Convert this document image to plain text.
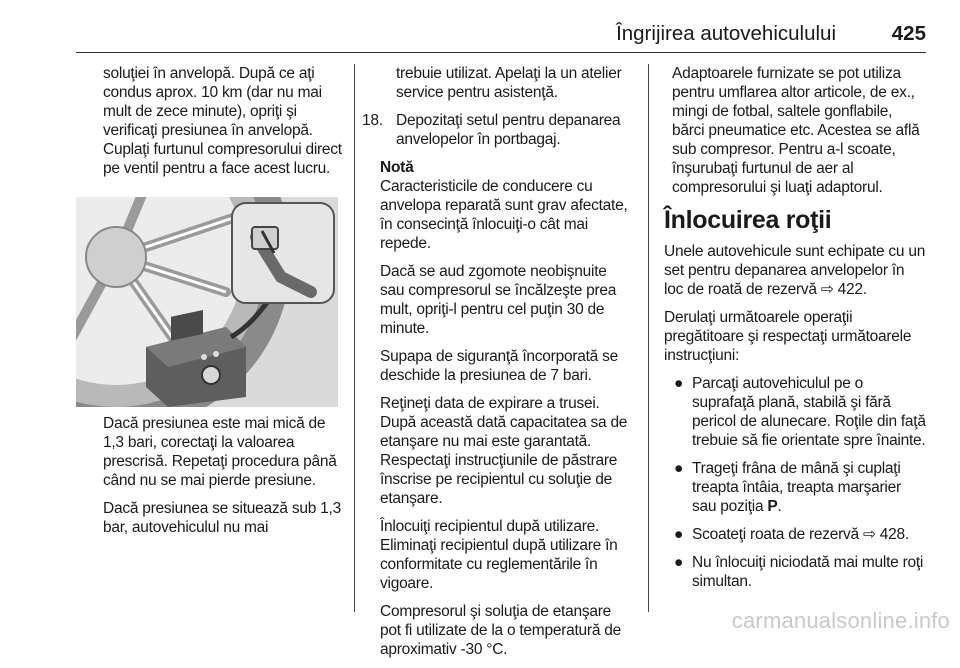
Îngrijirea autovehiculului	425

soluţiei în anvelopă. După ce aţi condus aprox. 10 km (dar nu mai mult de zece minute), opriţi şi verificaţi presiunea în anvelopă. Cuplaţi furtunul compresorului direct pe ventil pentru a face acest lucru.

Dacă presiunea este mai mică de 1,3 bari, corectaţi la valoarea prescrisă. Repetaţi procedura până când nu se mai pierde presiune.

Dacă presiunea se situează sub 1,3 bar, autovehiculul nu mai

trebuie utilizat. Apelaţi la un atelier service pentru asistenţă.

18. Depozitaţi setul pentru depanarea anvelopelor în portbagaj.

Notă

Caracteristicile de conducere cu anvelopa reparată sunt grav afectate, în consecinţă înlocuiţi-o cât mai repede.

Dacă se aud zgomote neobişnuite sau compresorul se încălzeşte prea mult, opriţi-l pentru cel puţin 30 de minute.

Supapa de siguranţă încorporată se deschide la presiunea de 7 bari.

Reţineţi data de expirare a trusei. După această dată capacitatea sa de etanşare nu mai este garantată. Respectaţi instrucţiunile de păstrare înscrise pe recipientul cu soluţie de etanşare.

Înlocuiţi recipientul după utilizare. Eliminaţi recipientul după utilizare în conformitate cu reglementările în vigoare.

Compresorul şi soluţia de etanşare pot fi utilizate de la o temperatură de aproximativ -30 °C.

Adaptoarele furnizate se pot utiliza pentru umflarea altor articole, de ex., mingi de fotbal, saltele gonflabile, bărci pneumatice etc. Acestea se află sub compresor. Pentru a-l scoate, înşurubaţi furtunul de aer al compresorului şi luaţi adaptorul.

Înlocuirea roţii

Unele autovehicule sunt echipate cu un set pentru depanarea anvelopelor în loc de roată de rezervă ⇨ 422.

Derulaţi următoarele operaţii pregătitoare şi respectaţi următoarele instrucţiuni:

● Parcaţi autovehiculul pe o suprafaţă plană, stabilă şi fără pericol de alunecare. Roţile din faţă trebuie să fie orientate spre înainte.
● Trageţi frâna de mână şi cuplaţi treapta întâia, treapta marşarier sau poziţia P.
● Scoateţi roata de rezervă ⇨ 428.
● Nu înlocuiţi niciodată mai multe roţi simultan.
carmanualsonline.info
